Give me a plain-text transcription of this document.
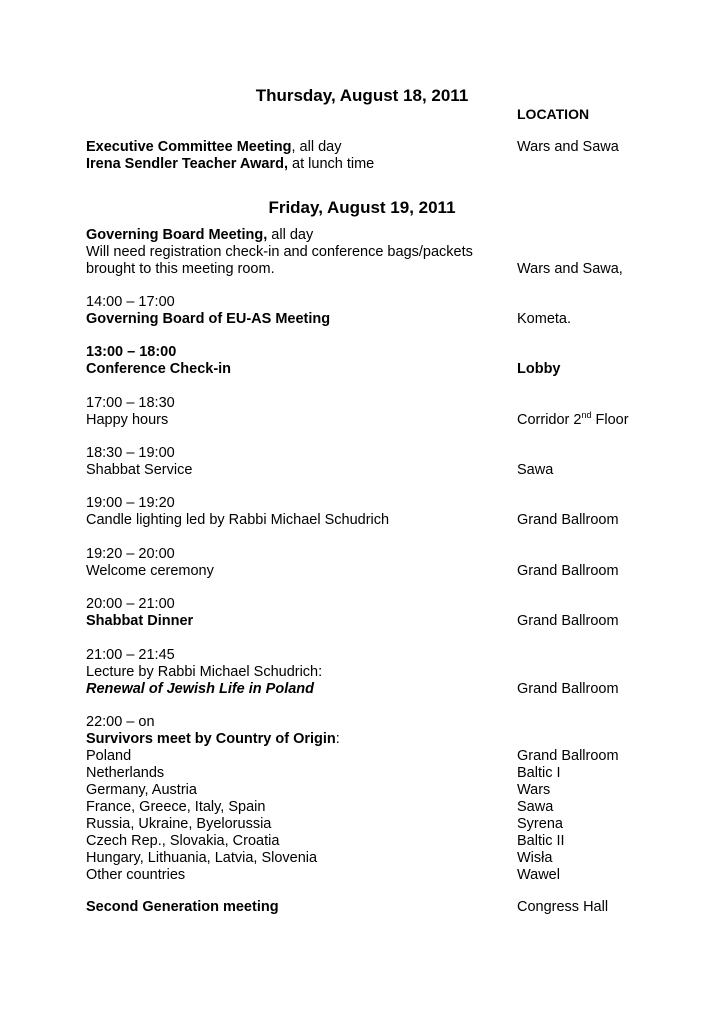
Thursday, August 18, 2011
LOCATION
Executive Committee Meeting, all day	Wars and Sawa
Irena Sendler Teacher Award, at lunch time
Friday, August 19, 2011
Governing Board Meeting, all day
Will need registration check-in and conference bags/packets
brought to this meeting room.	Wars and Sawa,
14:00 – 17:00
Governing Board of EU-AS Meeting	Kometa.
13:00 – 18:00
Conference Check-in	Lobby
17:00 – 18:30
Happy hours	Corridor 2nd Floor
18:30 – 19:00
Shabbat Service	Sawa
19:00 – 19:20
Candle lighting led by Rabbi Michael Schudrich	Grand Ballroom
19:20 – 20:00
Welcome ceremony	Grand Ballroom
20:00 – 21:00
Shabbat Dinner	Grand Ballroom
21:00 – 21:45
Lecture by Rabbi Michael Schudrich:
Renewal of Jewish Life in Poland	Grand Ballroom
22:00 – on
Survivors meet by Country of Origin:
Poland	Grand Ballroom
Netherlands	Baltic I
Germany, Austria	Wars
France, Greece, Italy, Spain	Sawa
Russia, Ukraine, Byelorussia	Syrena
Czech Rep., Slovakia, Croatia	Baltic II
Hungary, Lithuania, Latvia, Slovenia	Wisła
Other countries	Wawel
Second Generation meeting	Congress Hall
